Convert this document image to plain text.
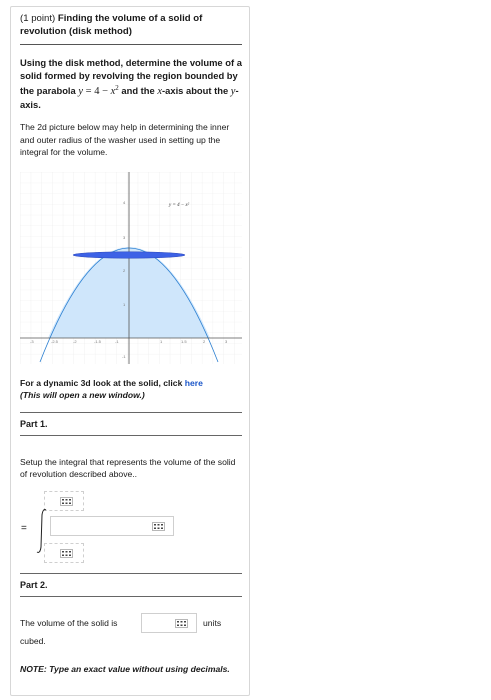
(1 point) Finding the volume of a solid of revolution (disk method)
Using the disk method, determine the volume of a solid formed by revolving the region bounded by the parabola $y = 4 - x^2$ and the x-axis about the y-axis.
The 2d picture below may help in determining the inner and outer radius of the washer used in setting up the integral for the volume.
-3	-2.5	-2	-1.5	-1	1	1.5	2	3
4
3
2
1
-1
y = 4 − x²
For a dynamic 3d look at the solid, click here
(This will open a new window.)
Part 1.
Setup the integral that represents the volume of the solid of revolution described above..
=
Part 2.
The volume of the solid is	units
cubed.
NOTE: Type an exact value without using decimals.
